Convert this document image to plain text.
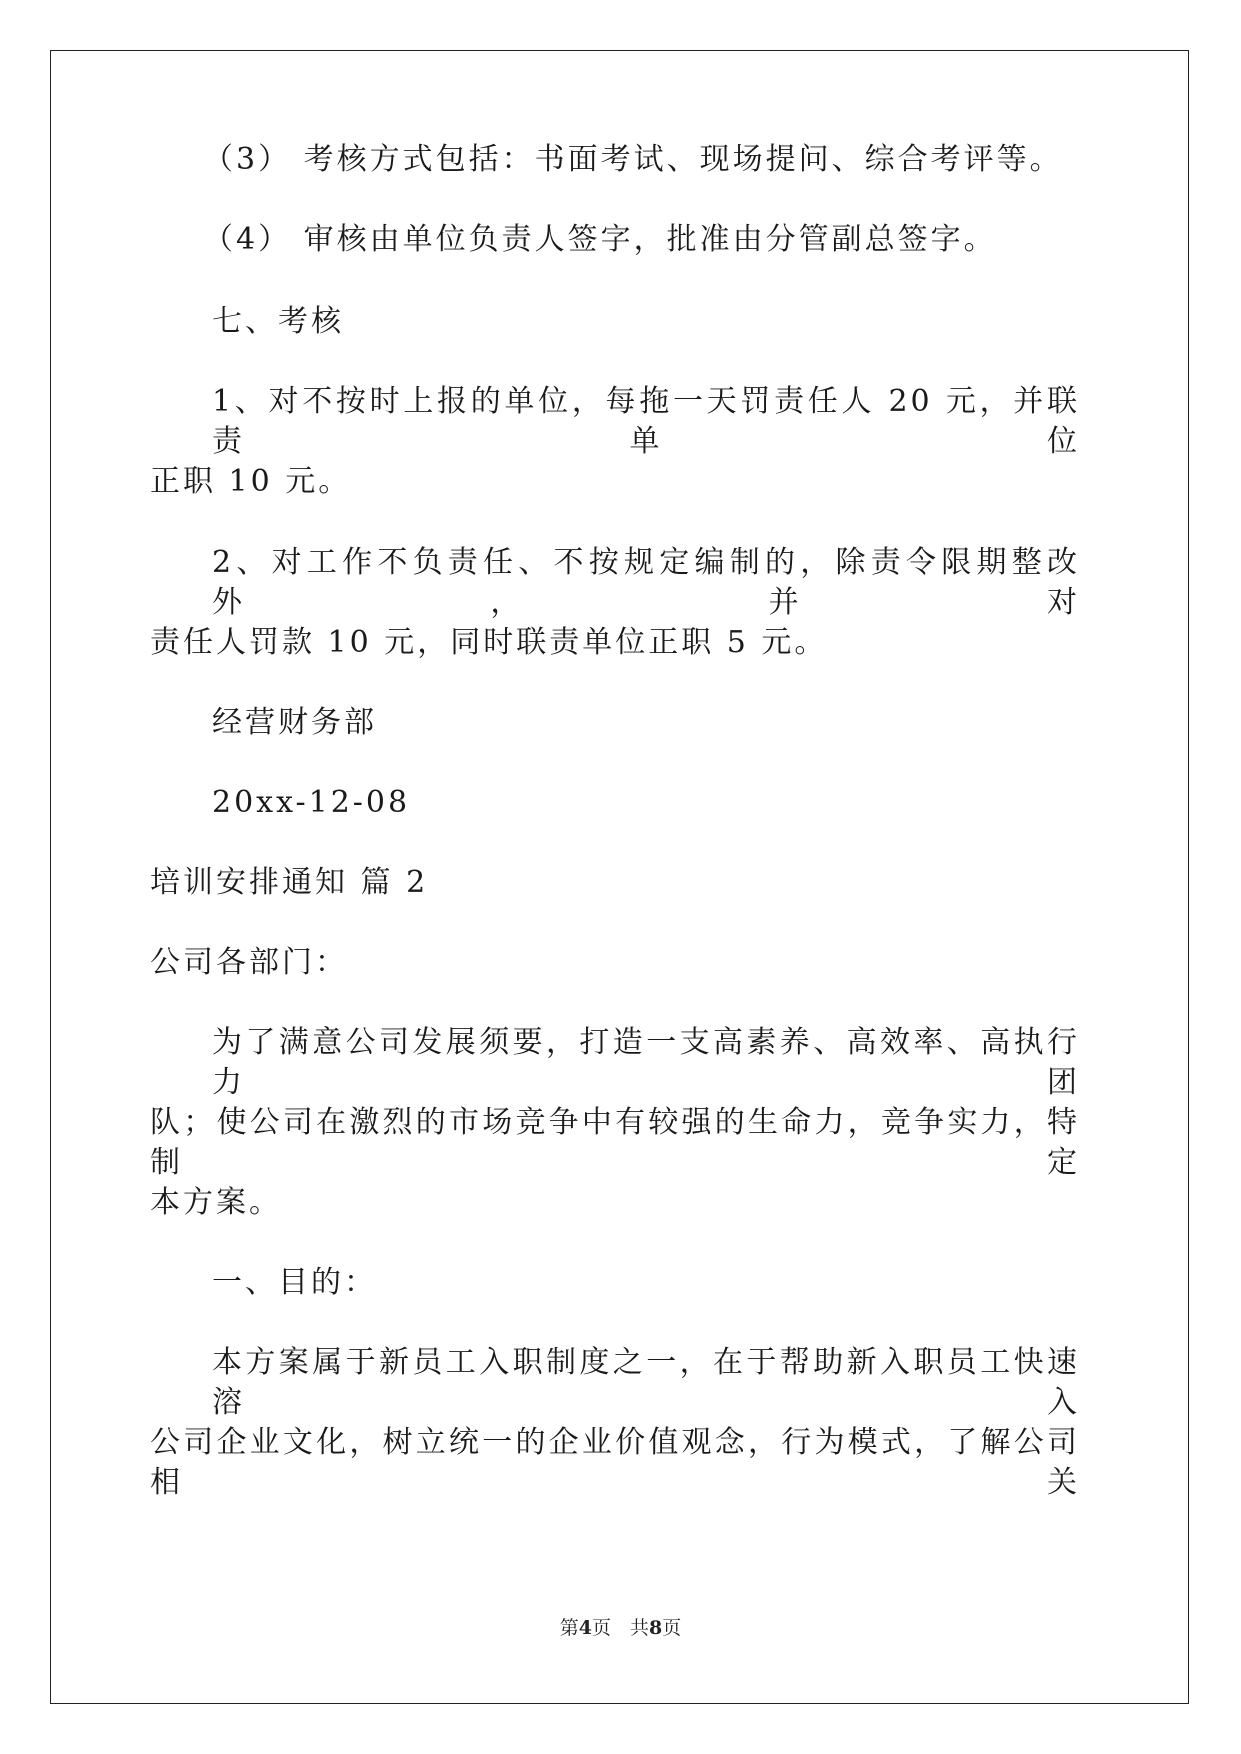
（3） 考核方式包括：书面考试、现场提问、综合考评等。

（4） 审核由单位负责人签字，批准由分管副总签字。

七、考核

1、对不按时上报的单位，每拖一天罚责任人 20 元，并联责单位

正职 10 元。

2、对工作不负责任、不按规定编制的，除责令限期整改外，并对

责任人罚款 10 元，同时联责单位正职 5 元。

经营财务部

20xx-12-08

培训安排通知 篇 2

公司各部门：

为了满意公司发展须要，打造一支高素养、高效率、高执行力团

队；使公司在激烈的市场竞争中有较强的生命力，竞争实力，特制定

本方案。

一、目的：

本方案属于新员工入职制度之一，在于帮助新入职员工快速溶入

公司企业文化，树立统一的企业价值观念，行为模式，了解公司相关

第4页　共8页
